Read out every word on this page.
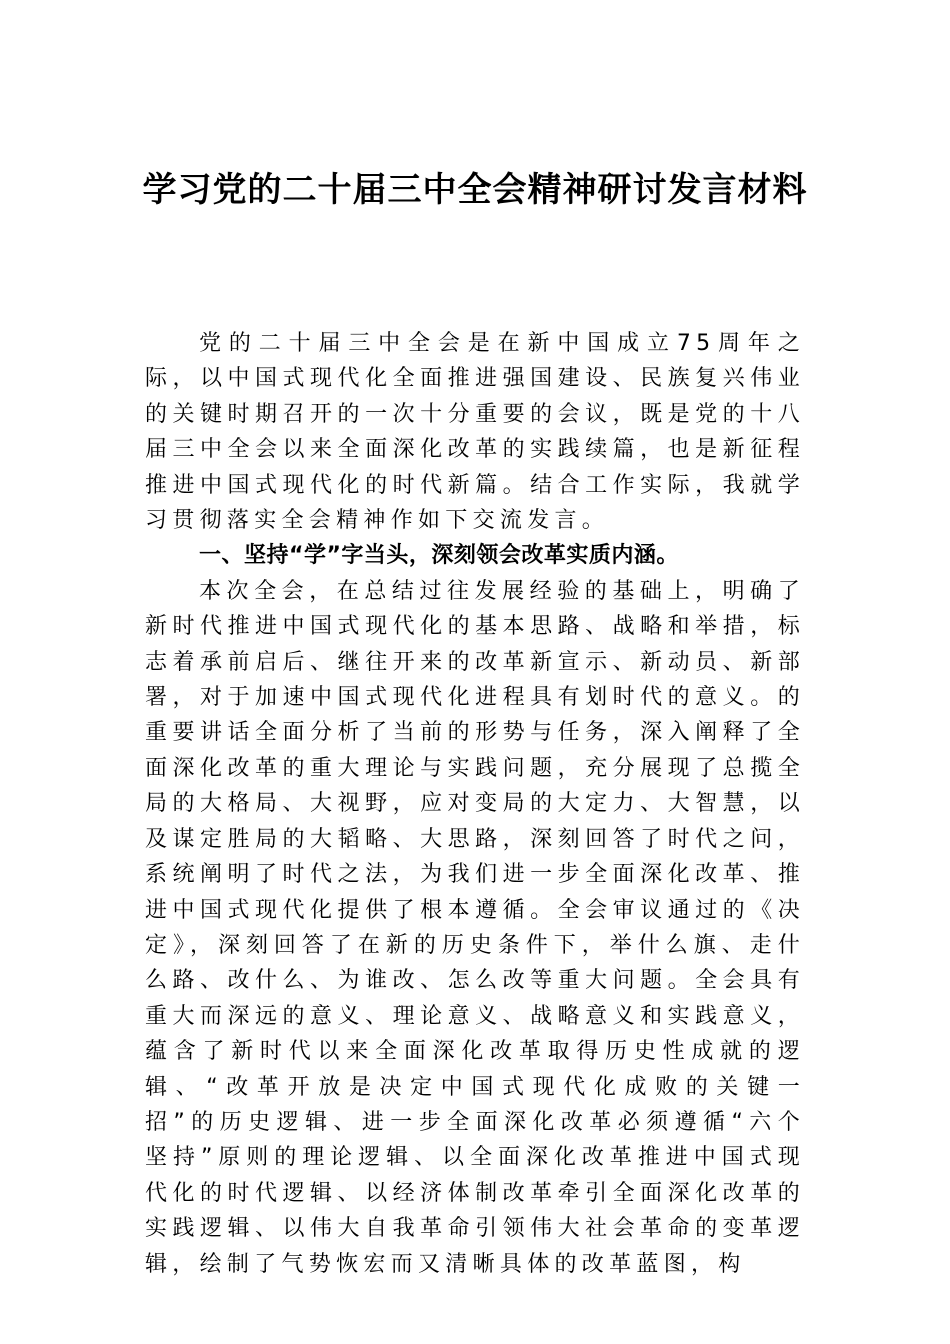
学习党的二十届三中全会精神研讨发言材料

党的二十届三中全会是在新中国成立75周年之际，以中国式现代化全面推进强国建设、民族复兴伟业的关键时期召开的一次十分重要的会议，既是党的十八届三中全会以来全面深化改革的实践续篇，也是新征程推进中国式现代化的时代新篇。结合工作实际，我就学习贯彻落实全会精神作如下交流发言。

一、坚持“学”字当头，深刻领会改革实质内涵。

本次全会，在总结过往发展经验的基础上，明确了新时代推进中国式现代化的基本思路、战略和举措，标志着承前启后、继往开来的改革新宣示、新动员、新部署，对于加速中国式现代化进程具有划时代的意义。的重要讲话全面分析了当前的形势与任务，深入阐释了全面深化改革的重大理论与实践问题，充分展现了总揽全局的大格局、大视野，应对变局的大定力、大智慧，以及谋定胜局的大韬略、大思路，深刻回答了时代之问，系统阐明了时代之法，为我们进一步全面深化改革、推进中国式现代化提供了根本遵循。全会审议通过的《决定》，深刻回答了在新的历史条件下，举什么旗、走什么路、改什么、为谁改、怎么改等重大问题。全会具有重大而深远的意义、理论意义、战略意义和实践意义，蕴含了新时代以来全面深化改革取得历史性成就的逻辑、“改革开放是决定中国式现代化成败的关键一招”的历史逻辑、进一步全面深化改革必须遵循“六个坚持”原则的理论逻辑、以全面深化改革推进中国式现代化的时代逻辑、以经济体制改革牵引全面深化改革的实践逻辑、以伟大自我革命引领伟大社会革命的变革逻辑，绘制了气势恢宏而又清晰具体的改革蓝图，构
